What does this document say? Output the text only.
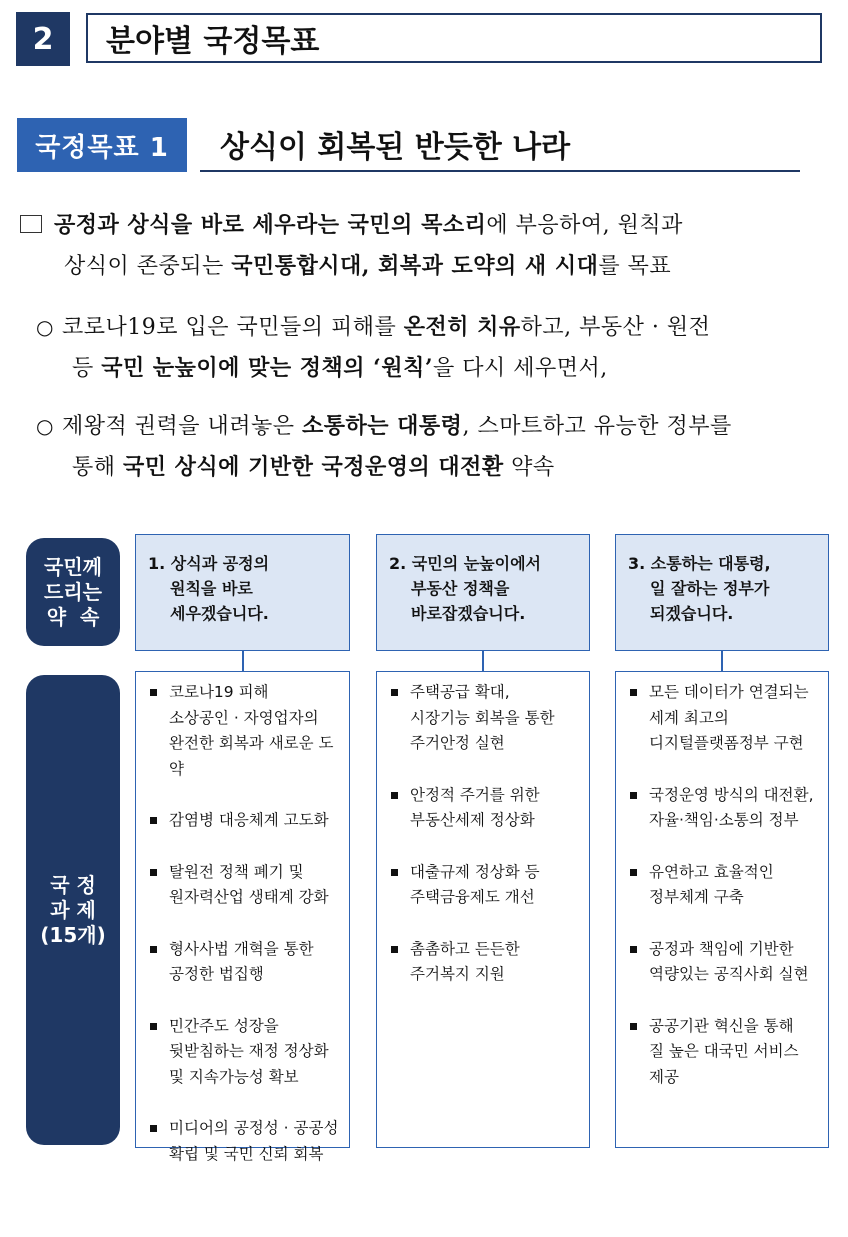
2	분야별 국정목표
국정목표 1	상식이 회복된 반듯한 나라
공정과 상식을 바로 세우라는 국민의 목소리에 부응하여, 원칙과
상식이 존중되는 국민통합시대, 회복과 도약의 새 시대를 목표
○ 코로나19로 입은 국민들의 피해를 온전히 치유하고, 부동산 · 원전
등 국민 눈높이에 맞는 정책의 ‘원칙’을 다시 세우면서,
○ 제왕적 권력을 내려놓은 소통하는 대통령, 스마트하고 유능한 정부를
통해 국민 상식에 기반한 국정운영의 대전환 약속
국민께
드리는
약  속
국 정
과 제
(15개)
1. 상식과 공정의
원칙을 바로
세우겠습니다.
2. 국민의 눈높이에서
부동산 정책을
바로잡겠습니다.
3. 소통하는 대통령,
일 잘하는 정부가
되겠습니다.
코로나19 피해
소상공인 · 자영업자의
완전한 회복과 새로운 도약
감염병 대응체계 고도화
탈원전 정책 폐기 및
원자력산업 생태계 강화
형사사법 개혁을 통한
공정한 법집행
민간주도 성장을
뒷받침하는 재정 정상화
및 지속가능성 확보
미디어의 공정성 · 공공성
확립 및 국민 신뢰 회복
주택공급 확대,
시장기능 회복을 통한
주거안정 실현
안정적 주거를 위한
부동산세제 정상화
대출규제 정상화 등
주택금융제도 개선
촘촘하고 든든한
주거복지 지원
모든 데이터가 연결되는
세계 최고의
디지털플랫폼정부 구현
국정운영 방식의 대전환,
자율·책임·소통의 정부
유연하고 효율적인
정부체계 구축
공정과 책임에 기반한
역량있는 공직사회 실현
공공기관 혁신을 통해
질 높은 대국민 서비스
제공
